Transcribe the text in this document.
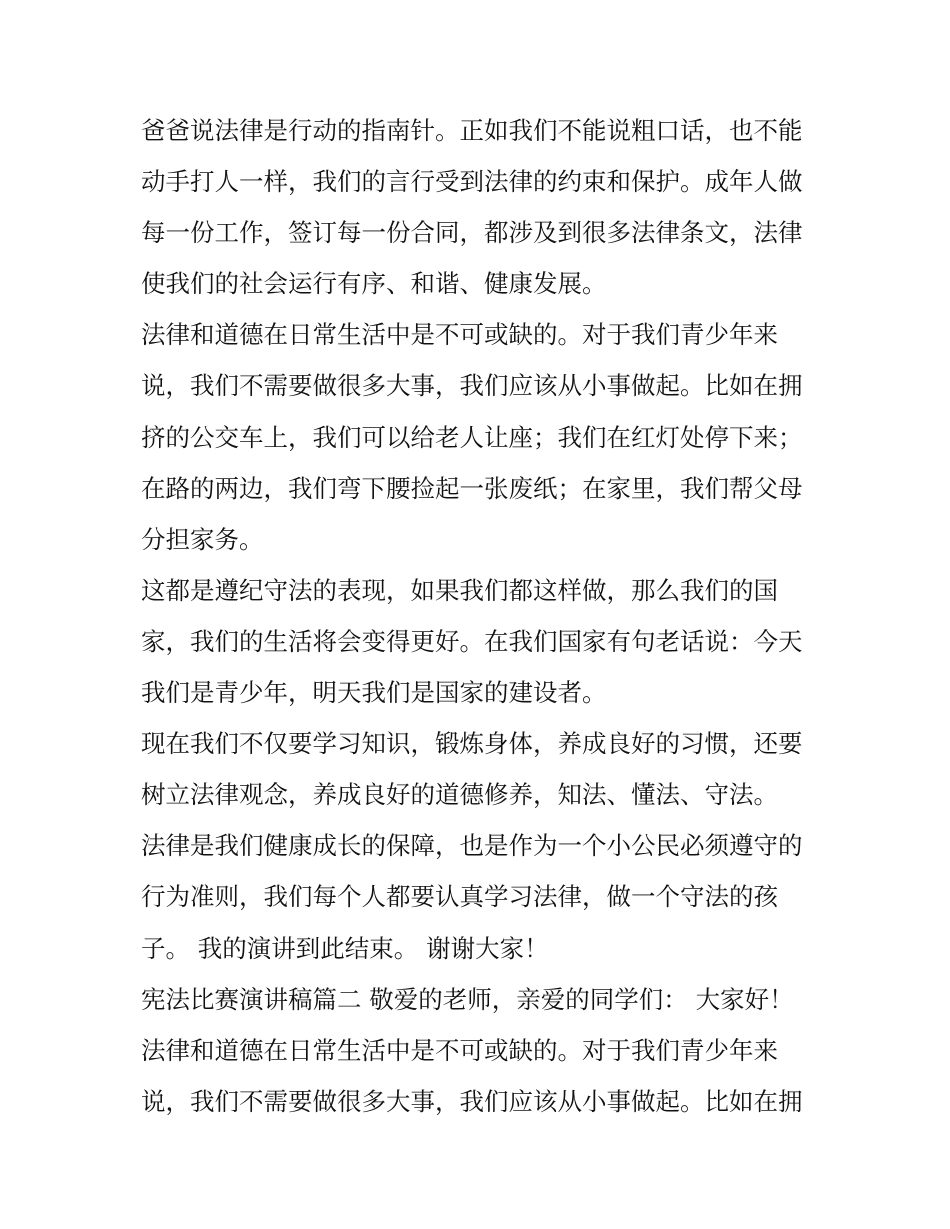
爸爸说法律是行动的指南针。正如我们不能说粗口话，也不能
动手打人一样，我们的言行受到法律的约束和保护。成年人做
每一份工作，签订每一份合同，都涉及到很多法律条文，法律
使我们的社会运行有序、和谐、健康发展。
法律和道德在日常生活中是不可或缺的。对于我们青少年来
说，我们不需要做很多大事，我们应该从小事做起。比如在拥
挤的公交车上，我们可以给老人让座；我们在红灯处停下来；
在路的两边，我们弯下腰捡起一张废纸；在家里，我们帮父母
分担家务。
这都是遵纪守法的表现，如果我们都这样做，那么我们的国
家，我们的生活将会变得更好。在我们国家有句老话说：今天
我们是青少年，明天我们是国家的建设者。
现在我们不仅要学习知识，锻炼身体，养成良好的习惯，还要
树立法律观念，养成良好的道德修养，知法、懂法、守法。
法律是我们健康成长的保障，也是作为一个小公民必须遵守的
行为准则，我们每个人都要认真学习法律，做一个守法的孩
子。 我的演讲到此结束。 谢谢大家！
宪法比赛演讲稿篇二 敬爱的老师，亲爱的同学们： 大家好！
法律和道德在日常生活中是不可或缺的。对于我们青少年来
说，我们不需要做很多大事，我们应该从小事做起。比如在拥
